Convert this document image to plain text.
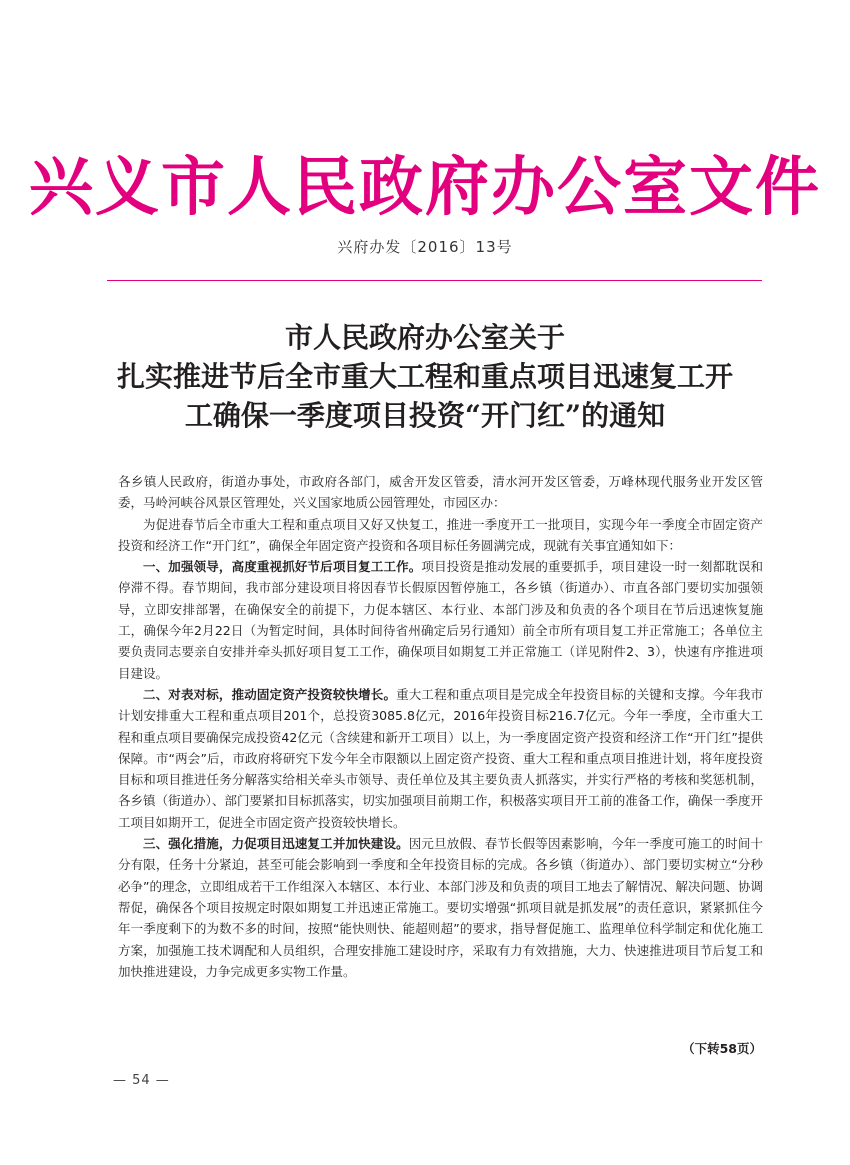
兴义市人民政府办公室文件
兴府办发〔2016〕13号
市人民政府办公室关于
扎实推进节后全市重大工程和重点项目迅速复工开
工确保一季度项目投资“开门红”的通知

各乡镇人民政府，街道办事处，市政府各部门，威舍开发区管委，清水河开发区管委，万峰林现代服务业开发区管委，马岭河峡谷风景区管理处，兴义国家地质公园管理处，市园区办：

为促进春节后全市重大工程和重点项目又好又快复工，推进一季度开工一批项目，实现今年一季度全市固定资产投资和经济工作“开门红”，确保全年固定资产投资和各项目标任务圆满完成，现就有关事宜通知如下：

一、加强领导，高度重视抓好节后项目复工工作。项目投资是推动发展的重要抓手，项目建设一时一刻都耽误和停滞不得。春节期间，我市部分建设项目将因春节长假原因暂停施工，各乡镇（街道办）、市直各部门要切实加强领导，立即安排部署，在确保安全的前提下，力促本辖区、本行业、本部门涉及和负责的各个项目在节后迅速恢复施工，确保今年2月22日（为暂定时间，具体时间待省州确定后另行通知）前全市所有项目复工并正常施工；各单位主要负责同志要亲自安排并牵头抓好项目复工工作，确保项目如期复工并正常施工（详见附件2、3），快速有序推进项目建设。

二、对表对标，推动固定资产投资较快增长。重大工程和重点项目是完成全年投资目标的关键和支撑。今年我市计划安排重大工程和重点项目201个，总投资3085.8亿元，2016年投资目标216.7亿元。今年一季度，全市重大工程和重点项目要确保完成投资42亿元（含续建和新开工项目）以上，为一季度固定资产投资和经济工作“开门红”提供保障。市“两会”后，市政府将研究下发今年全市限额以上固定资产投资、重大工程和重点项目推进计划，将年度投资目标和项目推进任务分解落实给相关牵头市领导、责任单位及其主要负责人抓落实，并实行严格的考核和奖惩机制，各乡镇（街道办）、部门要紧扣目标抓落实，切实加强项目前期工作，积极落实项目开工前的准备工作，确保一季度开工项目如期开工，促进全市固定资产投资较快增长。

三、强化措施，力促项目迅速复工并加快建设。因元旦放假、春节长假等因素影响，今年一季度可施工的时间十分有限，任务十分紧迫，甚至可能会影响到一季度和全年投资目标的完成。各乡镇（街道办）、部门要切实树立“分秒必争”的理念，立即组成若干工作组深入本辖区、本行业、本部门涉及和负责的项目工地去了解情况、解决问题、协调帮促，确保各个项目按规定时限如期复工并迅速正常施工。要切实增强“抓项目就是抓发展”的责任意识，紧紧抓住今年一季度剩下的为数不多的时间，按照“能快则快、能超则超”的要求，指导督促施工、监理单位科学制定和优化施工方案，加强施工技术调配和人员组织，合理安排施工建设时序，采取有力有效措施，大力、快速推进项目节后复工和加快推进建设，力争完成更多实物工作量。

（下转58页）
— 54 —
